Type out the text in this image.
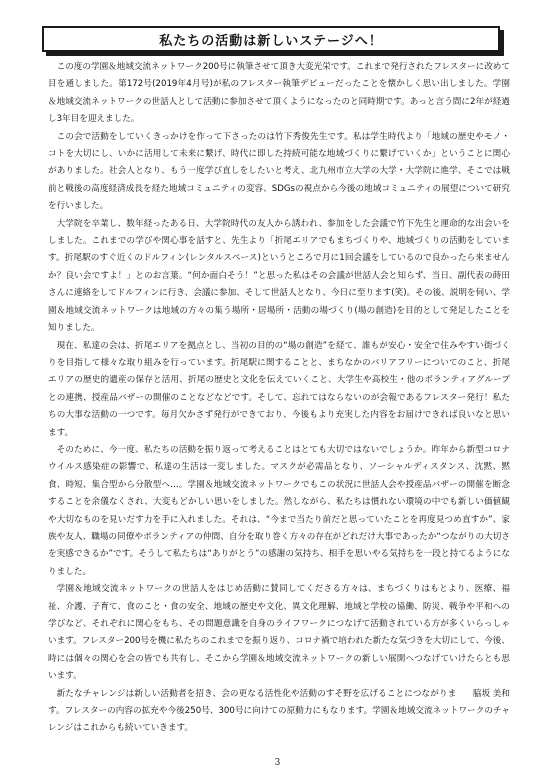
私たちの活動は新しいステージへ！

この度の学園＆地域交流ネットワーク200号に執筆させて頂き大変光栄です。これまで発行されたフレスターに改めて目を通しました。第172号(2019年4月号)が私のフレスター執筆デビューだったことを懐かしく思い出しました。学園＆地域交流ネットワークの世話人として活動に参加させて頂くようになったのと同時期です。あっと言う間に2年が経過し3年目を迎えました。

この会で活動をしていくきっかけを作って下さったのは竹下秀俊先生です。私は学生時代より「地域の歴史やモノ・コトを大切にし、いかに活用して未来に繋げ、時代に即した持続可能な地域づくりに繋げていくか」ということに関心がありました。社会人となり、もう一度学び直しをしたいと考え、北九州市立大学の大学・大学院に進学、そこでは戦前と戦後の高度経済成長を経た地域コミュニティの変容、SDGsの視点から今後の地域コミュニティの展望について研究を行いました。

大学院を卒業し、数年経ったある日、大学院時代の友人から誘われ、参加をした会議で竹下先生と運命的な出会いをしました。これまでの学びや関心事を話すと、先生より「折尾エリアでもまちづくりや、地域づくりの活動をしています。折尾駅のすぐ近くのドルフィン(レンタルスペース)というところで月に1回会議をしているので良かったら来ませんか？良い会ですよ！」とのお言葉。“何か面白そう！”と思った私はその会議が世話人会と知らず、当日、副代表の蒔田さんに連絡をしてドルフィンに行き、会議に参加、そして世話人となり、今日に至ります(笑)。その後、説明を伺い、学園＆地域交流ネットワークは地域の方々の集う場所・居場所・活動の場づくり(場の創造)を目的として発足したことを知りました。

現在、私達の会は、折尾エリアを拠点とし、当初の目的の“場の創造”を経て、誰もが安心・安全で住みやすい街づくりを目指して様々な取り組みを行っています。折尾駅に関することと、まちなかのバリアフリーについてのこと、折尾エリアの歴史的遺産の保存と活用、折尾の歴史と文化を伝えていくこと、大学生や高校生・他のボランティアグループとの連携、授産品バザーの開催のことなどなどです。そして、忘れてはならないのが会報であるフレスター発行！私たちの大事な活動の一つです。毎月欠かさず発行ができており、今後もより充実した内容をお届けできれば良いなと思います。

そのために、今一度、私たちの活動を振り返って考えることはとても大切ではないでしょうか。昨年から新型コロナウイルス感染症の影響で、私達の生活は一変しました。マスクが必需品となり、ソーシャルディスタンス、沈黙、黙食、時短、集合型から分散型へ…。学園＆地域交流ネットワークでもこの状況に世話人会や授産品バザーの開催を断念することを余儀なくされ、大変もどかしい思いをしました。然しながら、私たちは慣れない環境の中でも新しい価値観や大切なものを見いだす力を手に入れました。それは、“今まで当たり前だと思っていたことを再度見つめ直すか”、家族や友人、職場の同僚やボランティアの仲間、自分を取り巻く方々の存在がどれだけ大事であったか“つながりの大切さを実感できるか”です。そうして私たちは“ありがとう”の感謝の気持ち、相手を思いやる気持ちを一段と持てるようになりました。

学園＆地域交流ネットワークの世話人をはじめ活動に賛同してくださる方々は、まちづくりはもとより、医療、福祉、介護、子育て、食のこと・食の安全、地域の歴史や文化、異文化理解、地域と学校の協働、防災、戦争や平和への学びなど、それぞれに関心をもち、その問題意識を自身のライフワークにつなげて活動されている方が多くいらっしゃいます。フレスター200号を機に私たちのこれまでを振り返り、コロナ禍で培われた新たな気づきを大切にして、今後、時には個々の関心を会の皆でも共有し、そこから学園＆地域交流ネットワークの新しい展開へつなげていけたらとも思います。

脇坂 美和
新たなチャレンジは新しい活動者を招き、会の更なる活性化や活動のすそ野を広げることにつながります。フレスターの内容の拡充や今後250号、300号に向けての原動力にもなります。学園＆地域交流ネットワークのチャレンジはこれからも続いていきます。

3
